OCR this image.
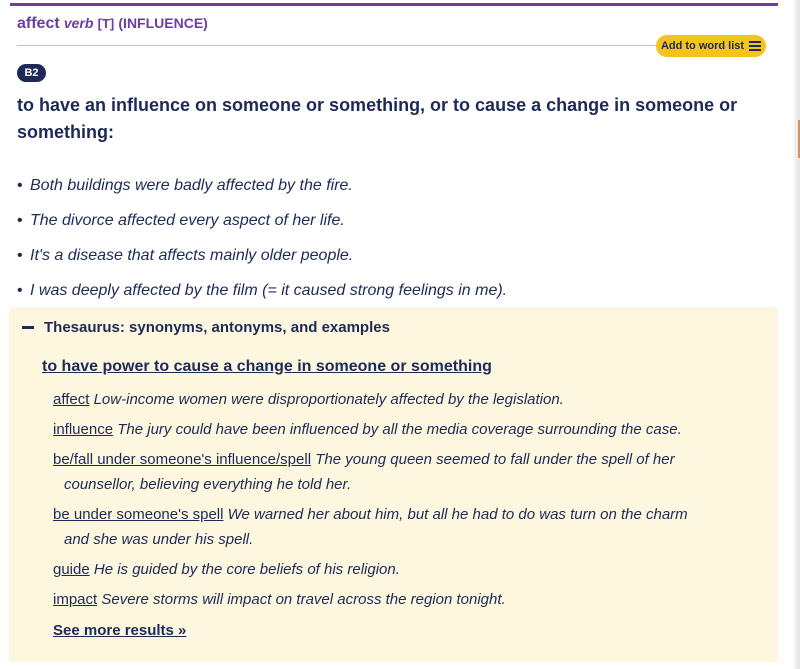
affect verb [T] (INFLUENCE)
Add to word list
B2

to have an influence on someone or something, or to cause a change in someone or something:

• Both buildings were badly affected by the fire.
• The divorce affected every aspect of her life.
• It's a disease that affects mainly older people.
• I was deeply affected by the film (= it caused strong feelings in me).
Thesaurus: synonyms, antonyms, and examples
to have power to cause a change in someone or something
affect Low-income women were disproportionately affected by the legislation.
influence The jury could have been influenced by all the media coverage surrounding the case.
be/fall under someone's influence/spell The young queen seemed to fall under the spell of her
counsellor, believing everything he told her.
be under someone's spell We warned her about him, but all he had to do was turn on the charm
and she was under his spell.
guide He is guided by the core beliefs of his religion.
impact Severe storms will impact on travel across the region tonight.
See more results »
